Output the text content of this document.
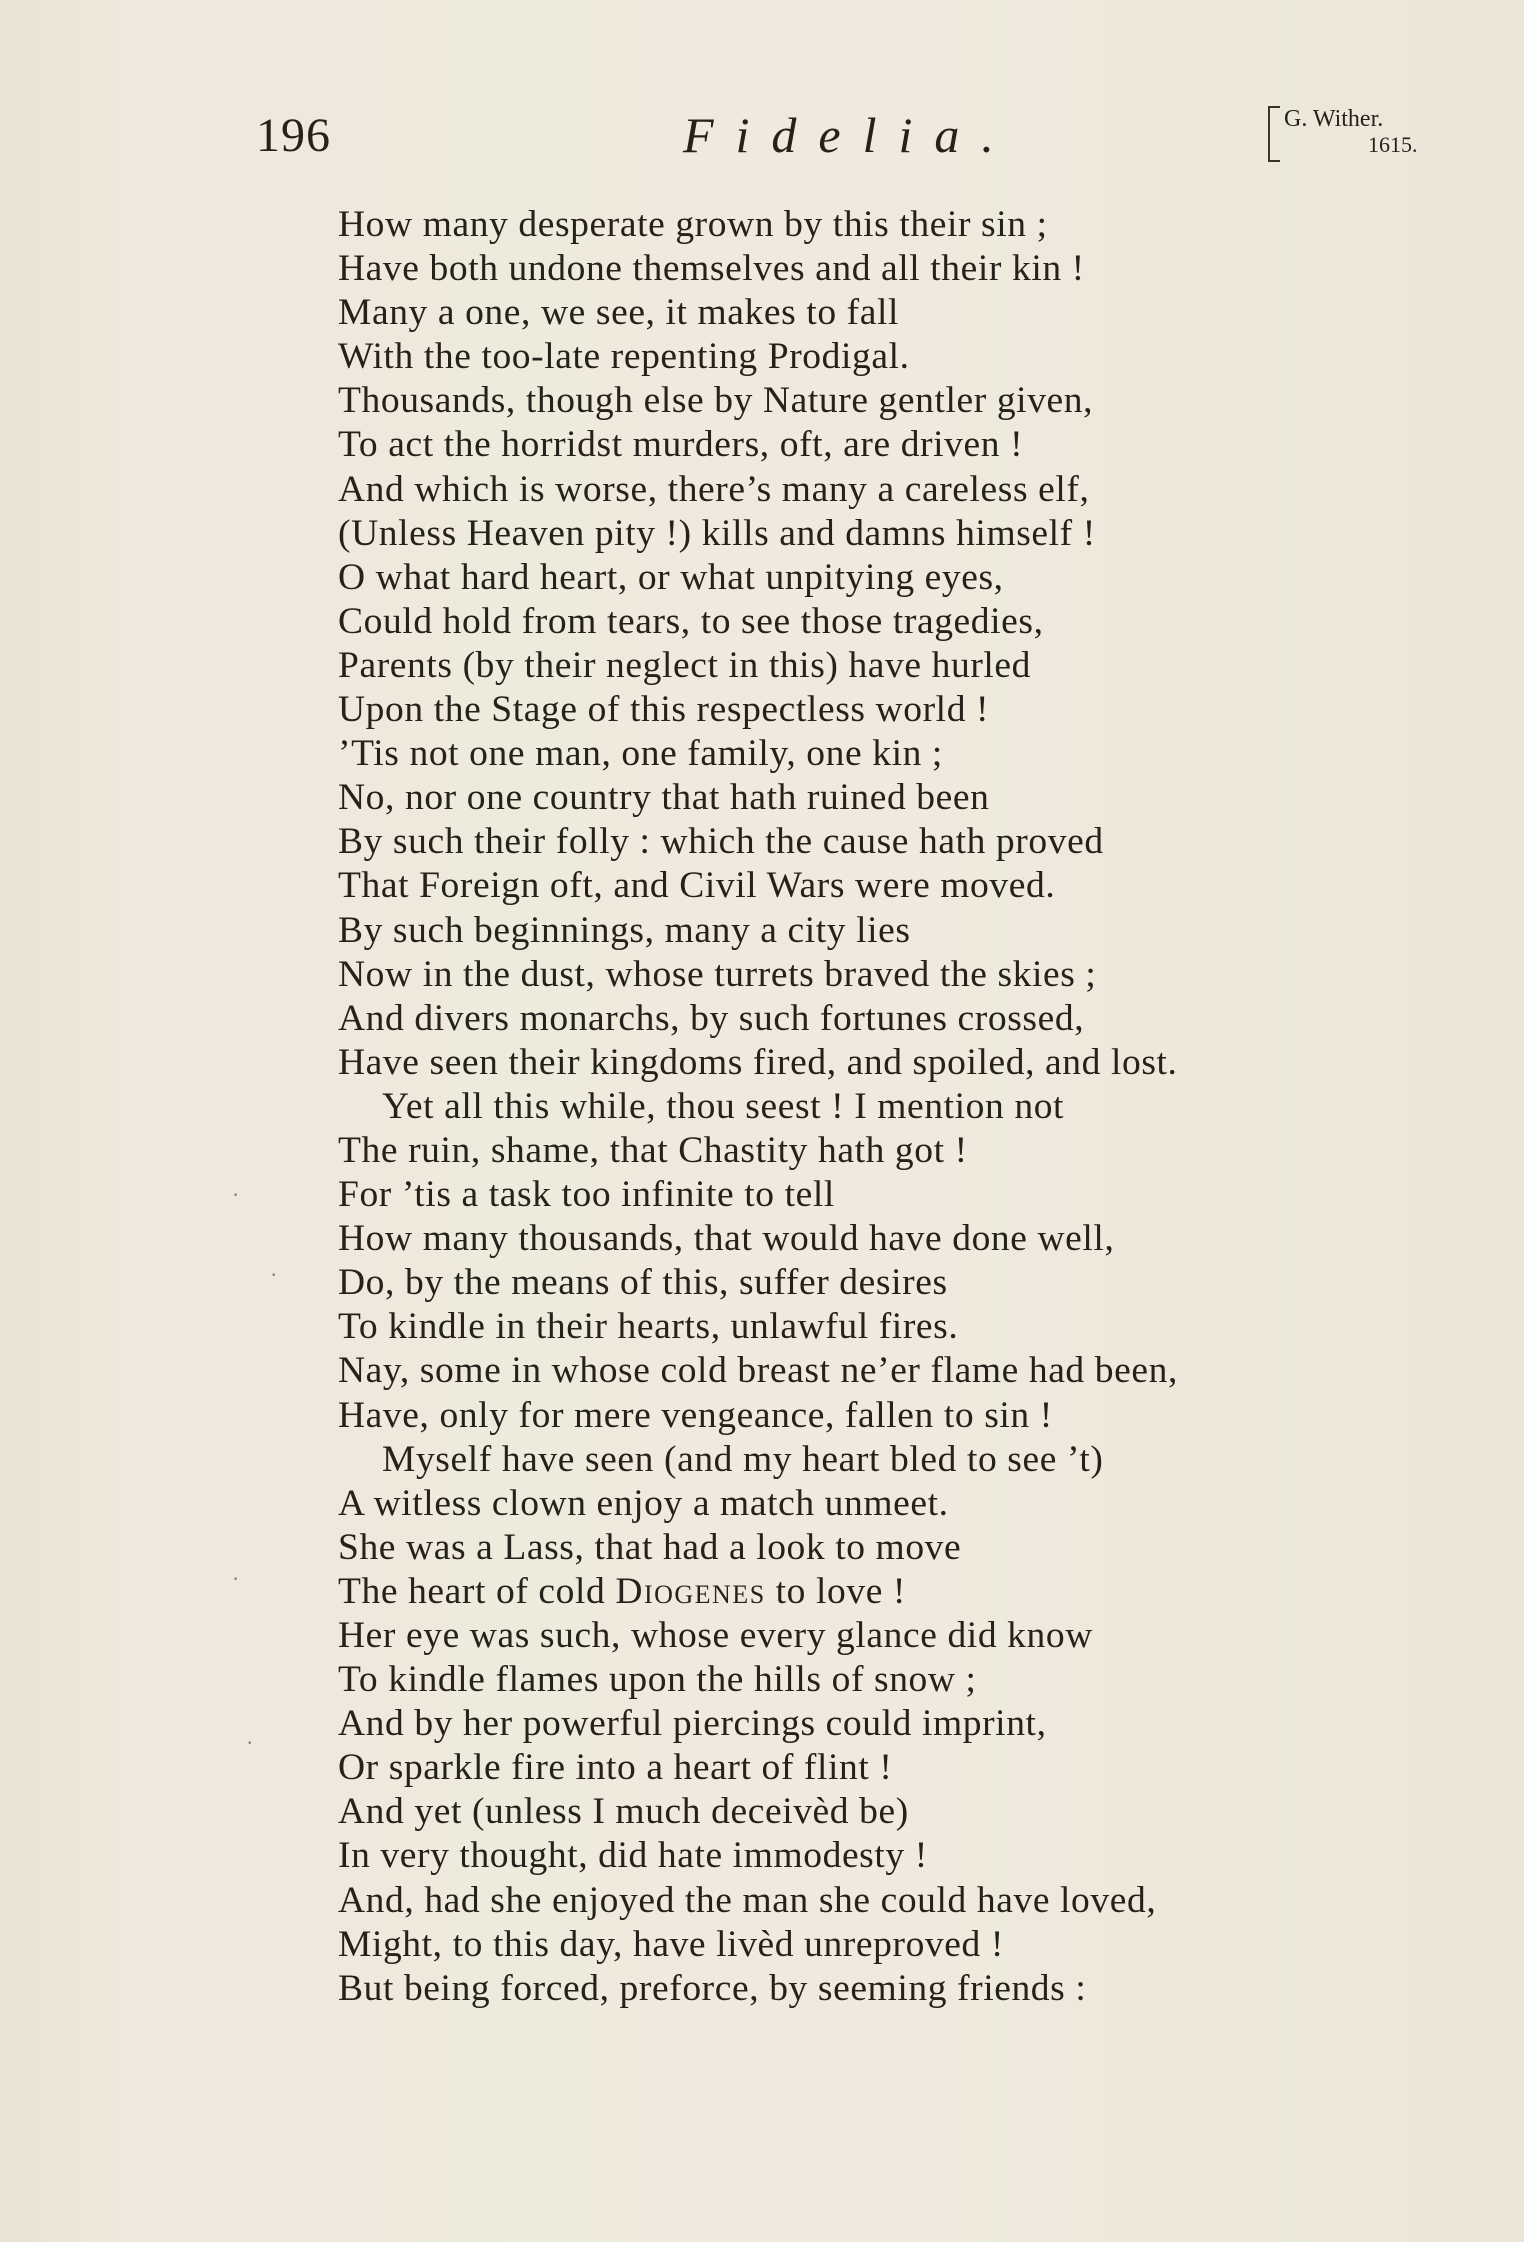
196	Fidelia.	G. Wither.
1615.
How many desperate grown by this their sin ;
Have both undone themselves and all their kin !
Many a one, we see, it makes to fall
With the too-late repenting Prodigal.
Thousands, though else by Nature gentler given,
To act the horridst murders, oft, are driven !
And which is worse, there’s many a careless elf,
(Unless Heaven pity !) kills and damns himself !
O what hard heart, or what unpitying eyes,
Could hold from tears, to see those tragedies,
Parents (by their neglect in this) have hurled
Upon the Stage of this respectless world !
’Tis not one man, one family, one kin ;
No, nor one country that hath ruined been
By such their folly : which the cause hath proved
That Foreign oft, and Civil Wars were moved.
By such beginnings, many a city lies
Now in the dust, whose turrets braved the skies ;
And divers monarchs, by such fortunes crossed,
Have seen their kingdoms fired, and spoiled, and lost.
Yet all this while, thou seest ! I mention not
The ruin, shame, that Chastity hath got !
For ’tis a task too infinite to tell
How many thousands, that would have done well,
Do, by the means of this, suffer desires
To kindle in their hearts, unlawful fires.
Nay, some in whose cold breast ne’er flame had been,
Have, only for mere vengeance, fallen to sin !
Myself have seen (and my heart bled to see ’t)
A witless clown enjoy a match unmeet.
She was a Lass, that had a look to move
The heart of cold Diogenes to love !
Her eye was such, whose every glance did know
To kindle flames upon the hills of snow ;
And by her powerful piercings could imprint,
Or sparkle fire into a heart of flint !
And yet (unless I much deceivèd be)
In very thought, did hate immodesty !
And, had she enjoyed the man she could have loved,
Might, to this day, have livèd unreproved !
But being forced, preforce, by seeming friends :
·
·
·
·
